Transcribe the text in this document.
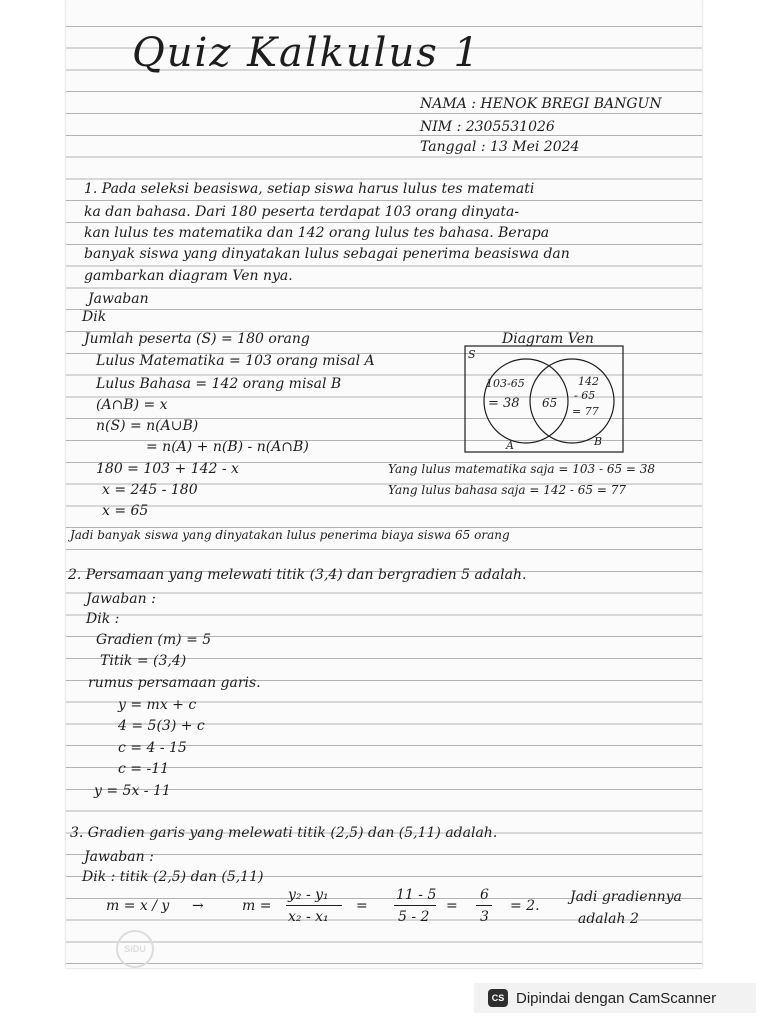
Quiz Kalkulus 1
NAMA : HENOK BREGI BANGUN
NIM : 2305531026
Tanggal : 13 Mei 2024
1. Pada seleksi beasiswa, setiap siswa harus lulus tes matemati
ka dan bahasa. Dari 180 peserta terdapat 103 orang dinyata-
kan lulus tes matematika dan 142 orang lulus tes bahasa. Berapa
banyak siswa yang dinyatakan lulus sebagai penerima beasiswa dan
gambarkan diagram Ven nya.
Jawaban
Dik
Jumlah peserta (S) = 180 orang
Lulus Matematika = 103 orang misal A
Lulus Bahasa = 142 orang misal B
(A∩B) = x
n(S) = n(A∪B)
= n(A) + n(B) - n(A∩B)
180 = 103 + 142 - x
x = 245 - 180
x = 65
Diagram Ven
S
103-65
= 38 65
142
- 65
= 77
A	B
Yang lulus matematika saja = 103 - 65 = 38
Yang lulus bahasa saja = 142 - 65 = 77
Jadi banyak siswa yang dinyatakan lulus penerima biaya siswa 65 orang
2. Persamaan yang melewati titik (3,4) dan bergradien 5 adalah.
Jawaban :
Dik :
Gradien (m) = 5
Titik = (3,4)
rumus persamaan garis.
y = mx + c
4 = 5(3) + c
c = 4 - 15
c = -11
y = 5x - 11
3. Gradien garis yang melewati titik (2,5) dan (5,11) adalah.
Jawaban :
Dik : titik (2,5) dan (5,11)
m = x / y →	m =
y₂ - y₁
x₂ - x₁
=
11 - 5
5 - 2
=
6
3
= 2.
Jadi gradiennya
adalah 2
SiDU
CS Dipindai dengan CamScanner
